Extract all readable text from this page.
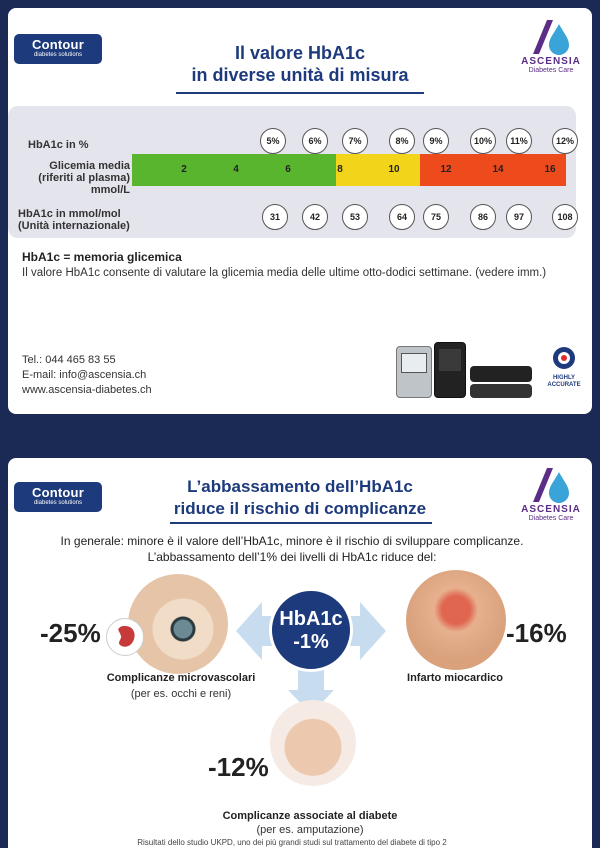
Contour
diabetes solutions
ASCENSIA
Diabetes Care
Il valore HbA1c
in diverse unità di misura
HbA1c in %
Glicemia media
(riferiti al plasma)
mmol/L
HbA1c in mmol/mol
(Unità internazionale)
5%	6%	7%	8%	9%	10%	11%	12%
2	4	6	8	10	12	14	16
31	42	53	64	75	86	97	108
HbA1c = memoria glicemica
Il valore HbA1c consente di valutare la glicemia media delle ultime otto-dodici settimane. (vedere imm.)
Tel.: 044 465 83 55
E-mail: info@ascensia.ch
www.ascensia-diabetes.ch
HIGHLY
ACCURATE
Contour
diabetes solutions
ASCENSIA
Diabetes Care
L’abbassamento dell’HbA1c
riduce il rischio di complicanze
In generale: minore è il valore dell’HbA1c, minore è il rischio di sviluppare complicanze.
L’abbassamento dell’1% dei livelli di HbA1c riduce del:
HbA1c
-1%
-25%	-16%
-12%
Complicanze microvascolari
(per es. occhi e reni)
Infarto miocardico
Complicanze associate al diabete
(per es. amputazione)
Risultati dello studio UKPD, uno dei più grandi studi sul trattamento del diabete di tipo 2
